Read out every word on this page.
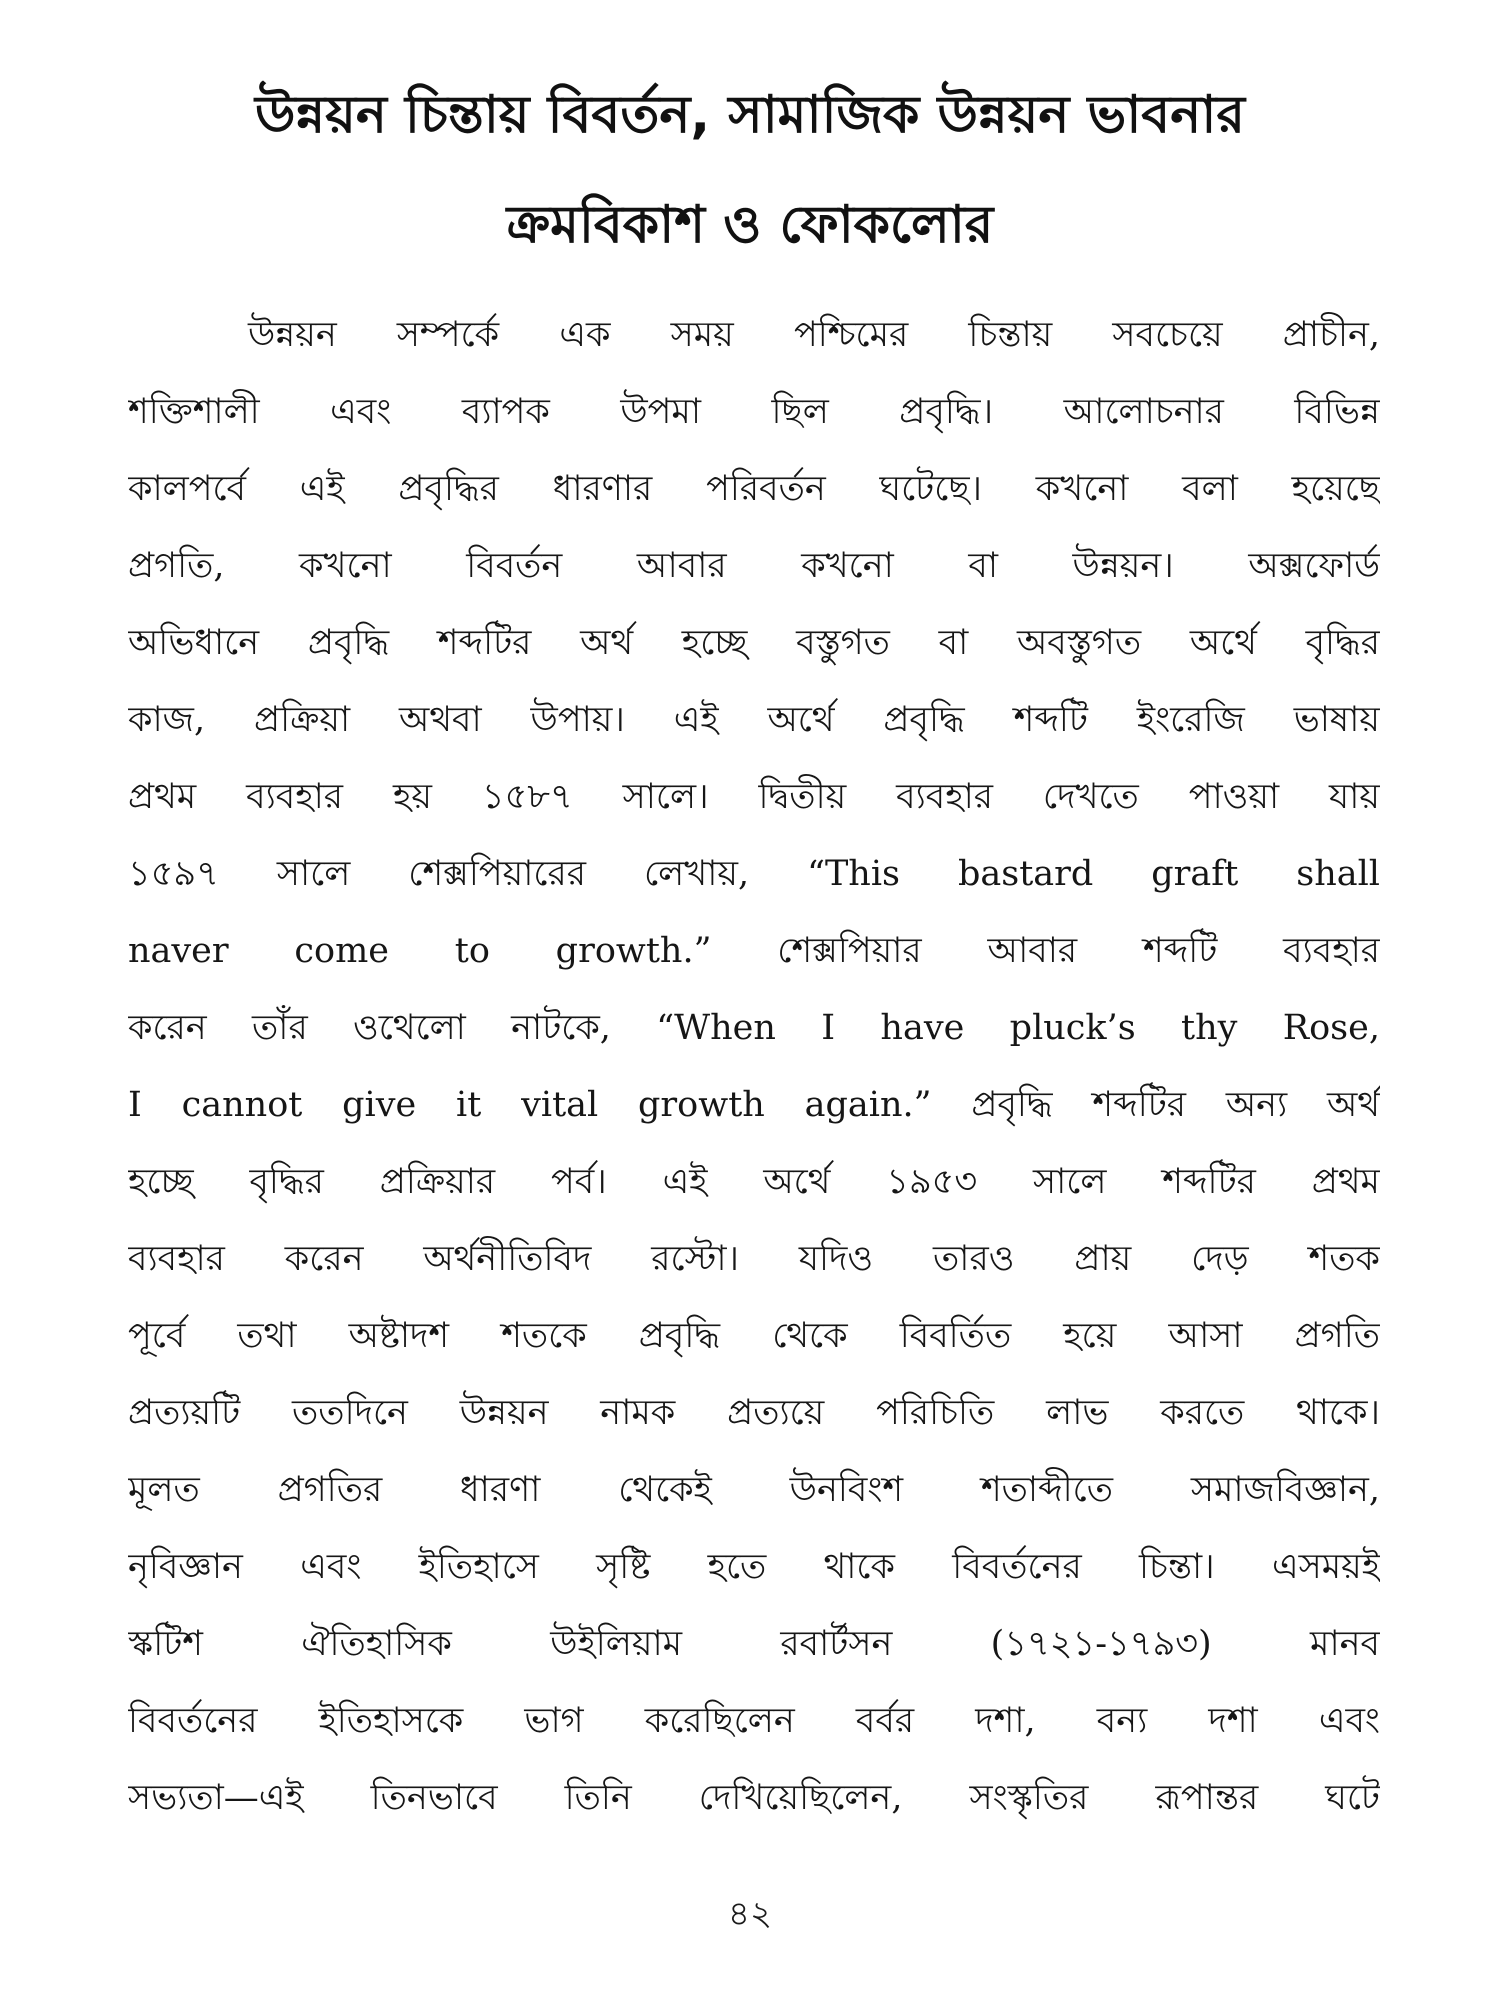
উন্নয়ন চিন্তায় বিবর্তন, সামাজিক উন্নয়ন ভাবনার
ক্রমবিকাশ ও ফোকলোর
উন্নয়ন সম্পর্কে এক সময় পশ্চিমের চিন্তায় সবচেয়ে প্রাচীন,
শক্তিশালী এবং ব্যাপক উপমা ছিল প্রবৃদ্ধি। আলোচনার বিভিন্ন
কালপর্বে এই প্রবৃদ্ধির ধারণার পরিবর্তন ঘটেছে। কখনো বলা হয়েছে
প্রগতি, কখনো বিবর্তন আবার কখনো বা উন্নয়ন। অক্সফোর্ড
অভিধানে প্রবৃদ্ধি শব্দটির অর্থ হচ্ছে বস্তুগত বা অবস্তুগত অর্থে বৃদ্ধির
কাজ, প্রক্রিয়া অথবা উপায়। এই অর্থে প্রবৃদ্ধি শব্দটি ইংরেজি ভাষায়
প্রথম ব্যবহার হয় ১৫৮৭ সালে। দ্বিতীয় ব্যবহার দেখতে পাওয়া যায়
১৫৯৭ সালে শেক্সপিয়ারের লেখায়, “This bastard graft shall
naver come to growth.” শেক্সপিয়ার আবার শব্দটি ব্যবহার
করেন তাঁর ওথেলো নাটকে, “When I have pluck’s thy Rose,
I cannot give it vital growth again.” প্রবৃদ্ধি শব্দটির অন্য অর্থ
হচ্ছে বৃদ্ধির প্রক্রিয়ার পর্ব। এই অর্থে ১৯৫৩ সালে শব্দটির প্রথম
ব্যবহার করেন অর্থনীতিবিদ রস্টো। যদিও তারও প্রায় দেড় শতক
পূর্বে তথা অষ্টাদশ শতকে প্রবৃদ্ধি থেকে বিবর্তিত হয়ে আসা প্রগতি
প্রত্যয়টি ততদিনে উন্নয়ন নামক প্রত্যয়ে পরিচিতি লাভ করতে থাকে।
মূলত প্রগতির ধারণা থেকেই উনবিংশ শতাব্দীতে সমাজবিজ্ঞান,
নৃবিজ্ঞান এবং ইতিহাসে সৃষ্টি হতে থাকে বিবর্তনের চিন্তা। এসময়ই
স্কটিশ ঐতিহাসিক উইলিয়াম রবার্টসন (১৭২১-১৭৯৩) মানব
বিবর্তনের ইতিহাসকে ভাগ করেছিলেন বর্বর দশা, বন্য দশা এবং
সভ্যতা—এই তিনভাবে তিনি দেখিয়েছিলেন, সংস্কৃতির রূপান্তর ঘটে
৪২
